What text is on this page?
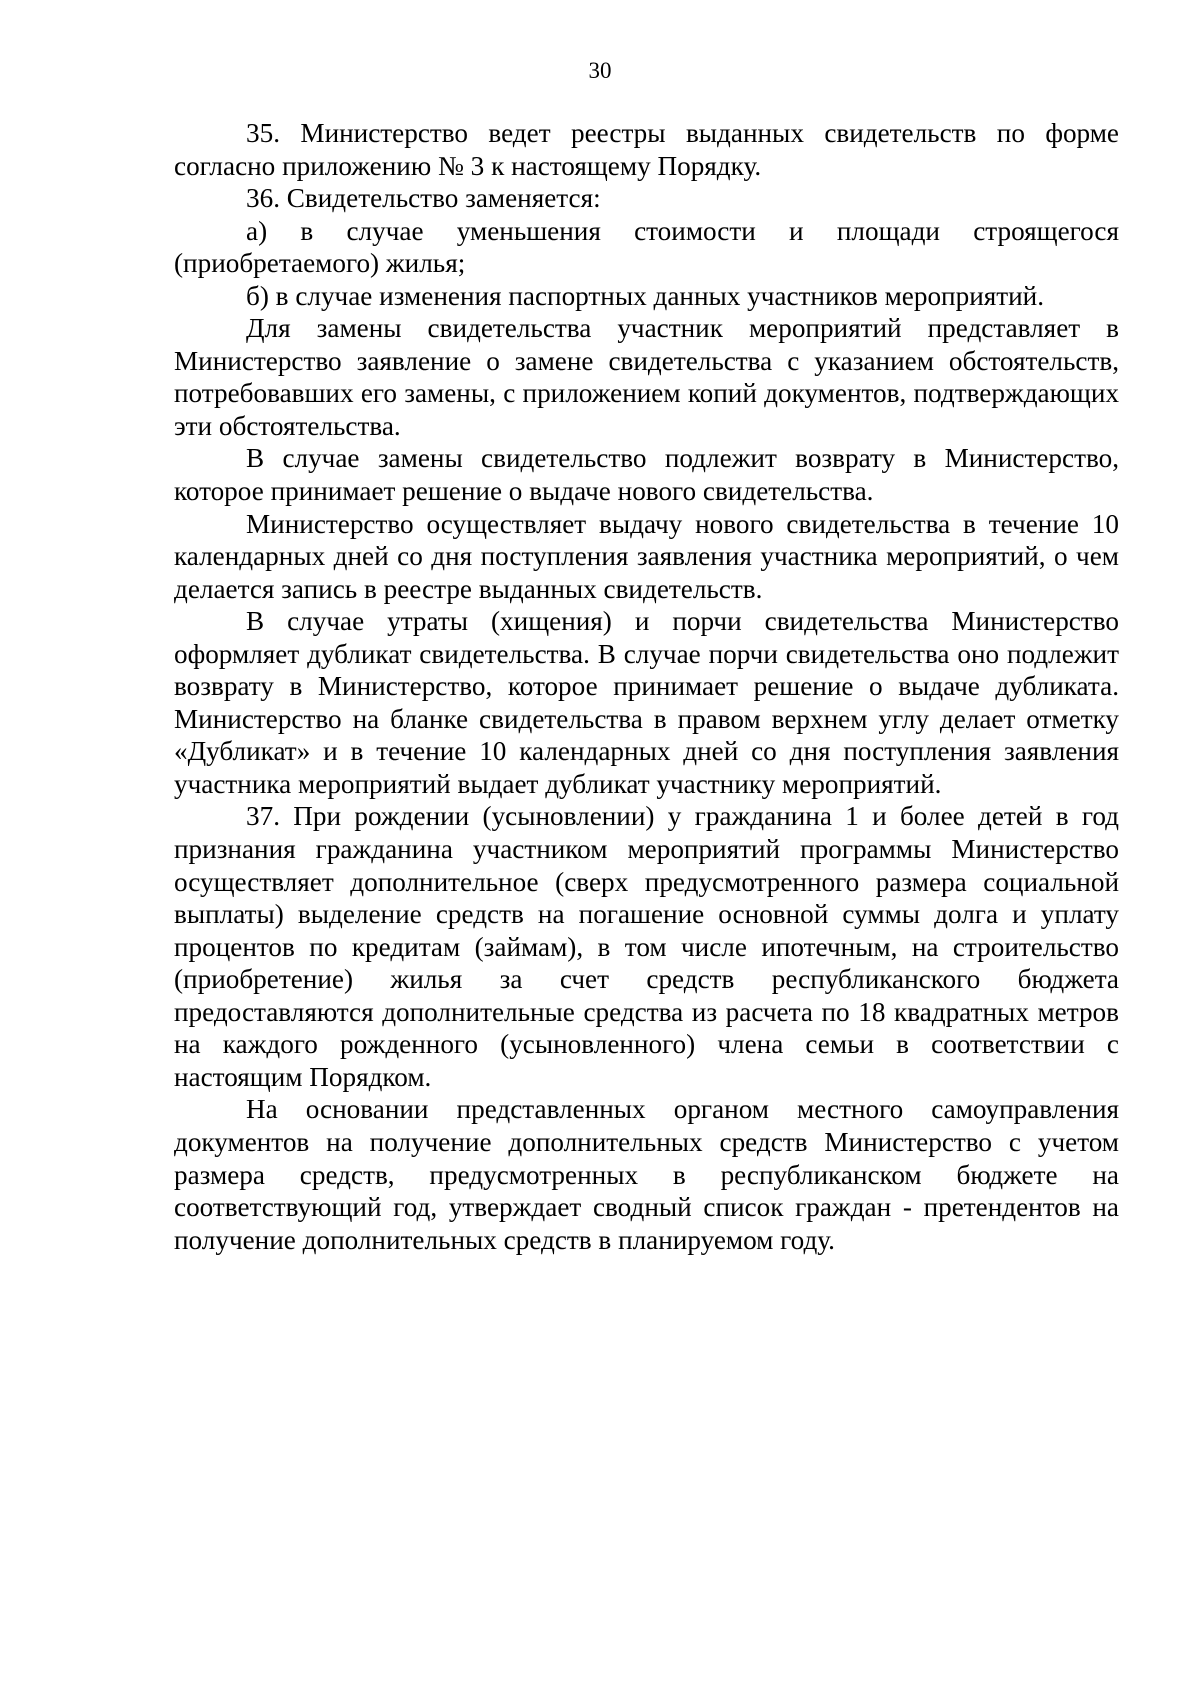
30

35. Министерство ведет реестры выданных свидетельств по форме согласно приложению № 3 к настоящему Порядку.

36. Свидетельство заменяется:

а) в случае уменьшения стоимости и площади строящегося (приобретаемого) жилья;

б) в случае изменения паспортных данных участников мероприятий.

Для замены свидетельства участник мероприятий представляет в Министерство заявление о замене свидетельства с указанием обстоятельств, потребовавших его замены, с приложением копий документов, подтверждающих эти обстоятельства.

В случае замены свидетельство подлежит возврату в Министерство, которое принимает решение о выдаче нового свидетельства.

Министерство осуществляет выдачу нового свидетельства в течение 10 календарных дней со дня поступления заявления участника мероприятий, о чем делается запись в реестре выданных свидетельств.

В случае утраты (хищения) и порчи свидетельства Министерство оформляет дубликат свидетельства. В случае порчи свидетельства оно подлежит возврату в Министерство, которое принимает решение о выдаче дубликата. Министерство на бланке свидетельства в правом верхнем углу делает отметку «Дубликат» и в течение 10 календарных дней со дня поступления заявления участника мероприятий выдает дубликат участнику мероприятий.

37. При рождении (усыновлении) у гражданина 1 и более детей в год признания гражданина участником мероприятий программы Министерство осуществляет дополнительное (сверх предусмотренного размера социальной выплаты) выделение средств на погашение основной суммы долга и уплату процентов по кредитам (займам), в том числе ипотечным, на строительство (приобретение) жилья за счет средств республиканского бюджета предоставляются дополнительные средства из расчета по 18 квадратных метров на каждого рожденного (усыновленного) члена семьи в соответствии с настоящим Порядком.

На основании представленных органом местного самоуправления документов на получение дополнительных средств Министерство с учетом размера средств, предусмотренных в республиканском бюджете на соответствующий год, утверждает сводный список граждан - претендентов на получение дополнительных средств в планируемом году.
